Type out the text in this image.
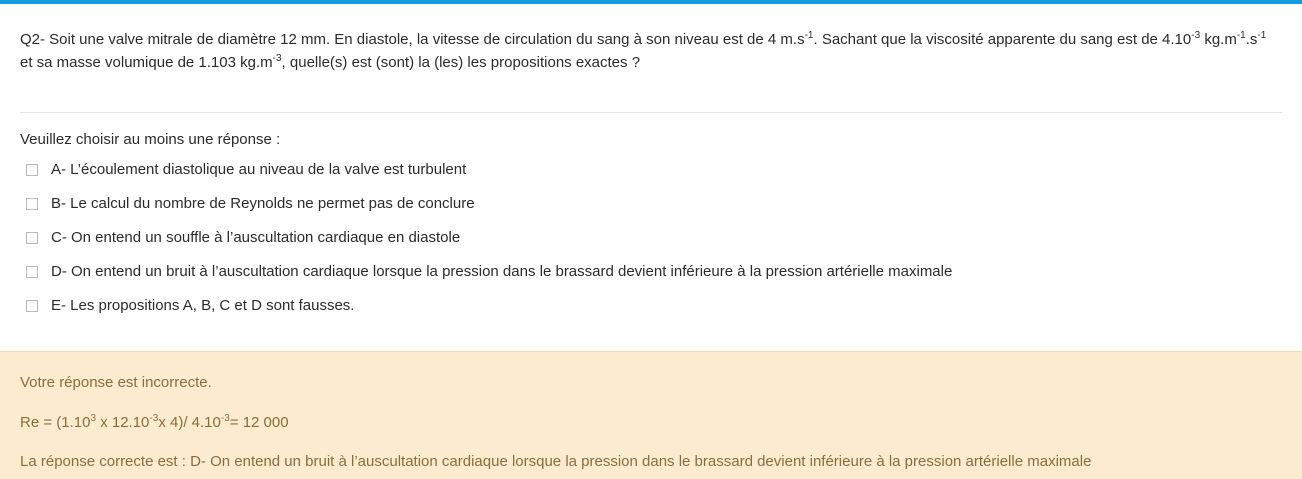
Q2- Soit une valve mitrale de diamètre 12 mm. En diastole, la vitesse de circulation du sang à son niveau est de 4 $m.s^{-1}$. Sachant que la viscosité apparente du sang est de $4.10^{-3}$ $kg.m^{-1}.s^{-1}$ et sa masse volumique de 1.103 $kg.m^{-3}$, quelle(s) est (sont) la (les) les propositions exactes ?
Veuillez choisir au moins une réponse :
A- L’écoulement diastolique au niveau de la valve est turbulent
B- Le calcul du nombre de Reynolds ne permet pas de conclure
C- On entend un souffle à l’auscultation cardiaque en diastole
D- On entend un bruit à l’auscultation cardiaque lorsque la pression dans le brassard devient inférieure à la pression artérielle maximale
E- Les propositions A, B, C et D sont fausses.
Votre réponse est incorrecte.
$Re = (1.10^3$ x $12.10^{-3}x$ 4)/ $4.10^{-3}= 12$ 000
La réponse correcte est : D- On entend un bruit à l’auscultation cardiaque lorsque la pression dans le brassard devient inférieure à la pression artérielle maximale
